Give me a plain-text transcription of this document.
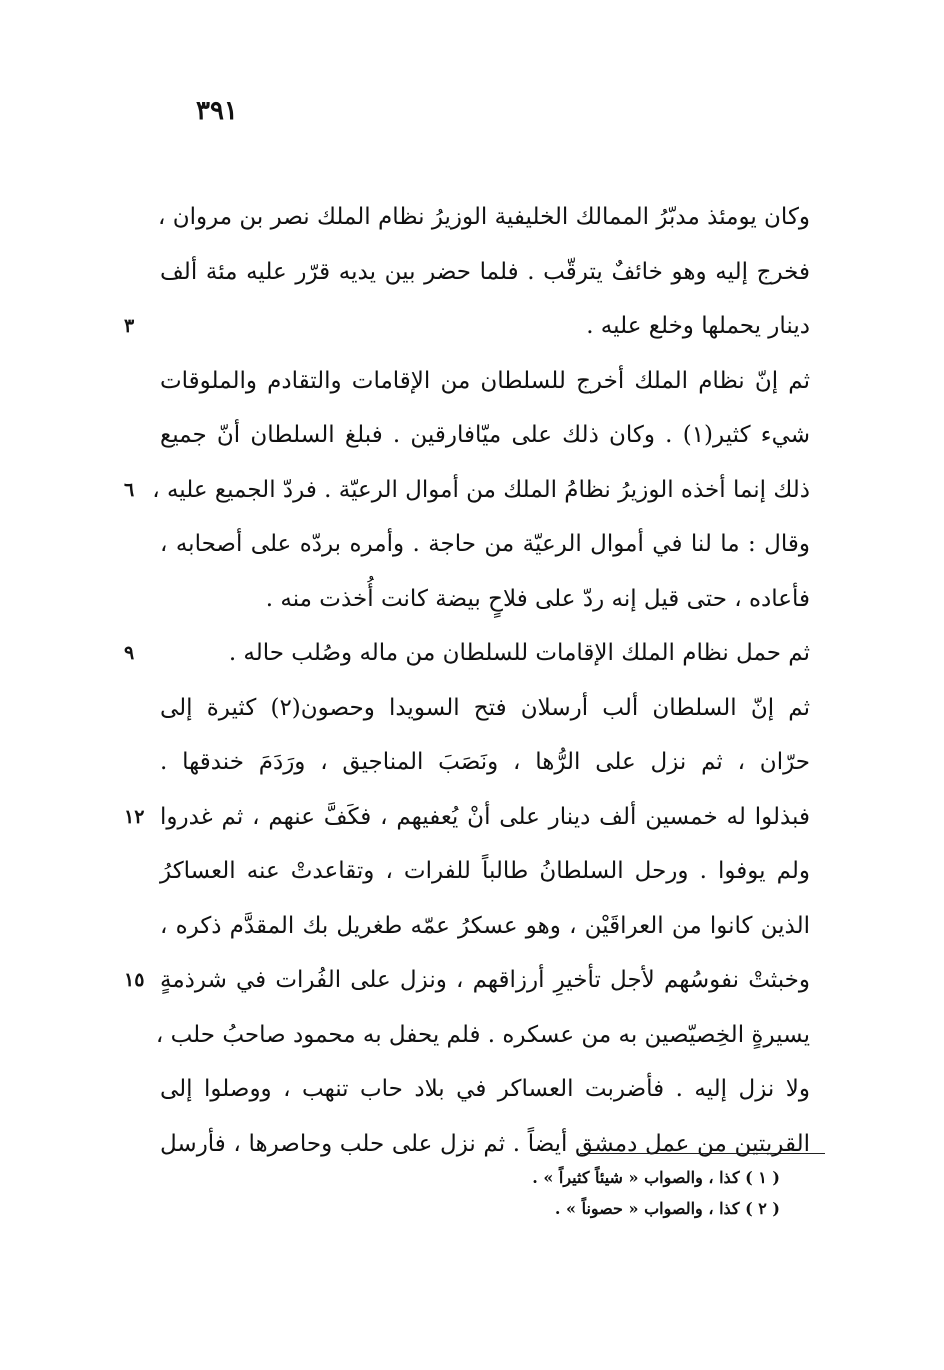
٣٩١
وكان يومئذ مدبّرُ الممالك الخليفية الوزيرُ نظام الملك نصر بن مروان ،
فخرج إليه وهو خائفٌ يترقّب . فلما حضر بين يديه قرّر عليه مئة ألف
دينار يحملها وخلع عليه .
٣
ثم إنّ نظام الملك أخرج للسلطان من الإقامات والتقادم والملوقات
شيء كثير(١) . وكان ذلك على ميّافارقين . فبلغ السلطان أنّ جميع
ذلك إنما أخذه الوزيرُ نظامُ الملك من أموال الرعيّة . فردّ الجميع عليه ،
٦
وقال : ما لنا في أموال الرعيّة من حاجة . وأمره بردّه على أصحابه ،
فأعاده ، حتى قيل إنه ردّ على فلاحٍ بيضة كانت أُخذت منه .
ثم حمل نظام الملك الإقامات للسلطان من ماله وصُلب حاله .
٩
ثم إنّ السلطان ألب أرسلان فتح السويدا وحصون(٢) كثيرة إلى
حرّان ، ثم نزل على الرُّها ، ونَصَبَ المناجيق ، ورَدَمَ خندقها .
فبذلوا له خمسين ألف دينار على أنْ يُعفيهم ، فكَفَّ عنهم ، ثم غدروا
١٢
ولم يوفوا . ورحل السلطانُ طالباً للفرات ، وتقاعدتْ عنه العساكرُ
الذين كانوا من العراقَيْن ، وهو عسكرُ عمّه طغريل بك المقدَّم ذكره ،
وخبثتْ نفوسُهم لأجل تأخيرِ أرزاقهم ، ونزل على الفُرات في شرذمةٍ
١٥
يسيرةٍ الخِصيّصين به من عسكره . فلم يحفل به محمود صاحبُ حلب ،
ولا نزل إليه . فأضربت العساكر في بلاد حاب تنهب ، ووصلوا إلى
القريتين من عمل دمشق أيضاً . ثم نزل على حلب وحاصرها ، فأرسل
( ١ ) كذا ، والصواب « شيئاً كثيراً » .
( ٢ ) كذا ، والصواب « حصوناً » .
